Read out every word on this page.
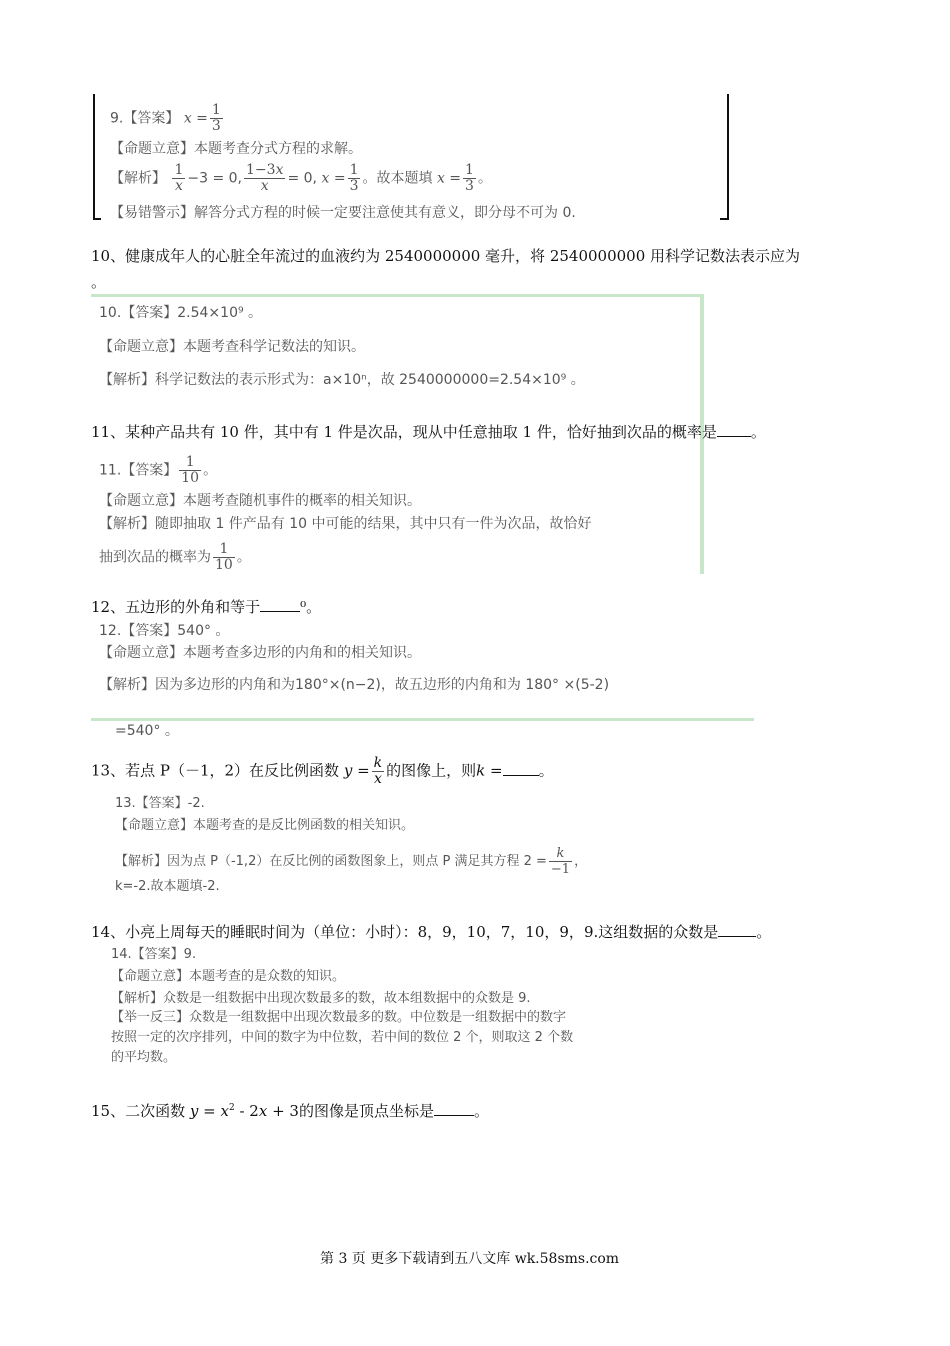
9.【答案】 $x = \frac{1}{3}$
【命题立意】本题考查分式方程的求解。
【解析】 $\frac{1}{x} -3 = 0$, $\frac{1-3x}{x} = 0$, $x = \frac{1}{3}$ 。故本题填 $x = \frac{1}{3}$ 。
【易错警示】解答分式方程的时候一定要注意使其有意义，即分母不可为 0.
10、健康成年人的心脏全年流过的血液约为 2540000000 毫升，将 2540000000 用科学记数法表示应为
。
10.【答案】2.54×10⁹ 。
【命题立意】本题考查科学记数法的知识。
【解析】科学记数法的表示形式为：a×10ⁿ，故 2540000000=2.54×10⁹ 。
11、某种产品共有 10 件，其中有 1 件是次品，现从中任意抽取 1 件，恰好抽到次品的概率是 。
11.【答案】 $\frac{1}{10}$ 。
【命题立意】本题考查随机事件的概率的相关知识。
【解析】随即抽取 1 件产品有 10 中可能的结果，其中只有一件为次品，故恰好
抽到次品的概率为 $\frac{1}{10}$ 。
12、五边形的外角和等于	⁰。
12.【答案】540° 。
【命题立意】本题考查多边形的内角和的相关知识。
【解析】因为多边形的内角和为180°×(n−2)，故五边形的内角和为 180° ×(5-2)
=540° 。
13、若点 P（－1，2）在反比例函数 $y = \frac{k}{x}$ 的图像上，则k = 。
13.【答案】-2.
【命题立意】本题考查的是反比例函数的相关知识。
【解析】因为点 P（-1,2）在反比例的函数图象上，则点 P 满足其方程 $2 = \frac{k}{-1}$ ，
k=-2.故本题填-2.
14、小亮上周每天的睡眠时间为（单位：小时）：8，9，10，7，10，9，9.这组数据的众数是	。
14.【答案】9.
【命题立意】本题考查的是众数的知识。
【解析】众数是一组数据中出现次数最多的数，故本组数据中的众数是 9.
【举一反三】众数是一组数据中出现次数最多的数。中位数是一组数据中的数字
按照一定的次序排列，中间的数字为中位数，若中间的数位 2 个，则取这 2 个数
的平均数。
15、二次函数 $y = x^2 - 2x + 3$的图像是顶点坐标是	。
第 3 页 更多下载请到五八文库 wk.58sms.com
